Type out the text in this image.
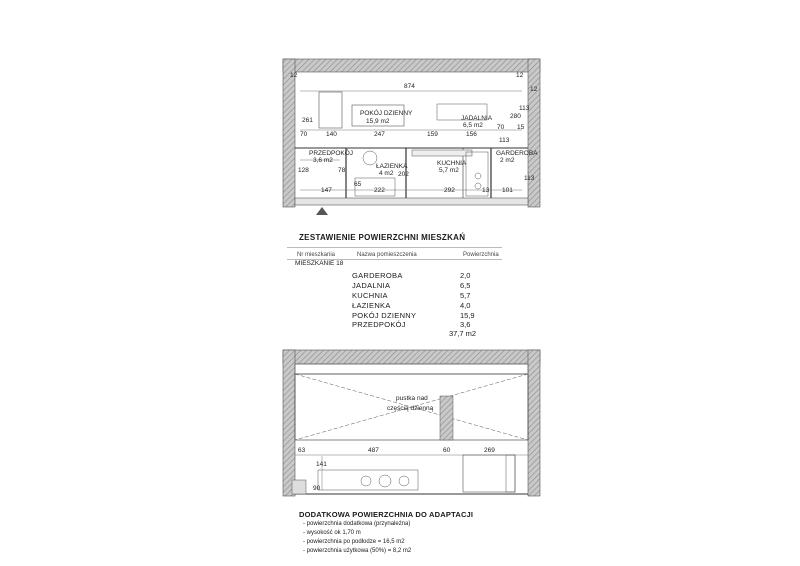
874
12	12
12
70	140	247	159	156
70 15
261
280
113
113
128
147	222	292	13 101
78
202
65
113
POKÓJ DZIENNY
15,9 m2	JADALNIA
6,5 m2
PRZEDPOKÓJ
3,6 m2
ŁAZIENKA
4 m2
KUCHNIA
5,7 m2
GARDEROBA
2 m2
pustka nad
częścią dzienną
63	487	60	269
141
90
ZESTAWIENIE POWIERZCHNI MIESZKAŃ
Nr mieszkania	Nazwa pomieszczenia	Powierzchnia
MIESZKANIE 18
GARDEROBA	2,0
JADALNIA	6,5
KUCHNIA	5,7
ŁAZIENKA	4,0
POKÓJ DZIENNY	15,9
PRZEDPOKÓJ	3,6
37,7 m2
DODATKOWA POWIERZCHNIA DO ADAPTACJI
- powierzchnia dodatkowa (przynależna)
- wysokość ok 1,70 m
- powierzchnia po podłodze = 16,5 m2
- powierzchnia użytkowa (50%) = 8,2 m2
